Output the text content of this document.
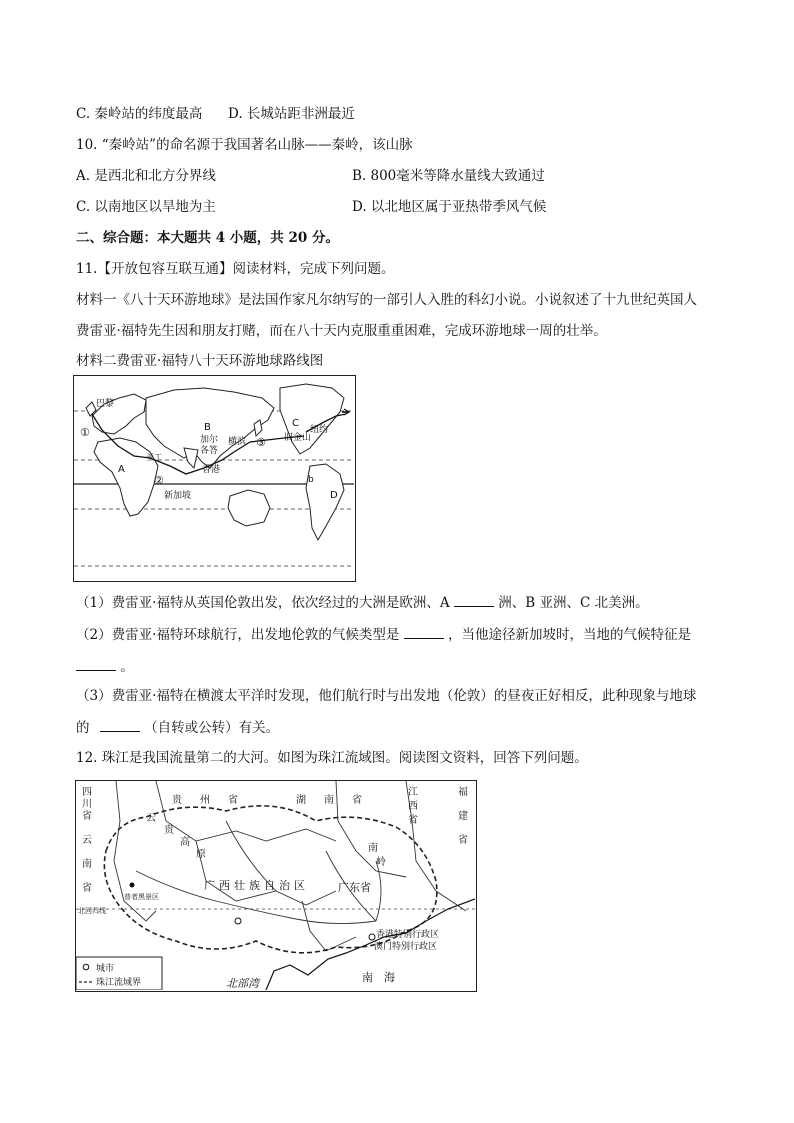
C. 秦岭站的纬度最高 D. 长城站距非洲最近
10. “秦岭站”的命名源于我国著名山脉——秦岭，该山脉
A. 是西北和北方分界线	B. 800毫米等降水量线大致通过
C. 以南地区以旱地为主	D. 以北地区属于亚热带季风气候
二、综合题：本大题共 4 小题，共 20 分。
11.【开放包容互联互通】阅读材料，完成下列问题。
材料一《八十天环游地球》是法国作家凡尔纳写的一部引人入胜的科幻小说。小说叙述了十九世纪英国人
费雷亚·福特先生因和朋友打赌，而在八十天内克服重重困难，完成环游地球一周的壮举。
材料二费雷亚·福特八十天环游地球路线图
巴黎
①
②
③
B
加尔
各答
横滨
C
旧金山
纽约
A
亚丁
香港
新加坡	D
b
（1）费雷亚·福特从英国伦敦出发，依次经过的大洲是欧洲、A	洲、B 亚洲、C 北美洲。
（2）费雷亚·福特环球航行，出发地伦敦的气候类型是	，当他途径新加坡时，当地的气候特征是
。
（3）费雷亚·福特在横渡太平洋时发现，他们航行时与出发地（伦敦）的昼夜正好相反，此种现象与地球
的	（自转或公转）有关。
12. 珠江是我国流量第二的大河。如图为珠江流域图。阅读图文资料，回答下列问题。
四
川
省
云
南
省
贵 州 省	湖 南 省
江
西
省
福
建
省
云
贵
高
原
南
岭
广西壮族自治区	广东省
普者黑景区
北回归线
香港特别行政区
澳门特别行政区
北部湾	南　海
城市
珠江流域界
